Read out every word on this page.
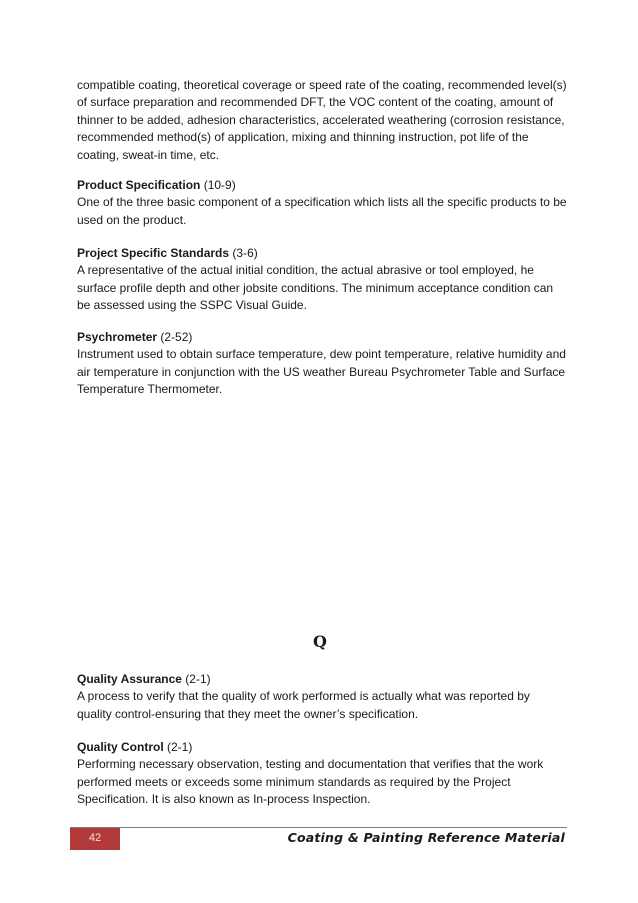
compatible coating, theoretical coverage or speed rate of the coating, recommended level(s) of surface preparation and recommended DFT, the VOC content of the coating, amount of thinner to be added, adhesion characteristics, accelerated weathering (corrosion resistance, recommended method(s) of application, mixing and thinning instruction, pot life of the coating, sweat-in time, etc.

Product Specification (10-9)
One of the three basic component of a specification which lists all the specific products to be used on the product.
Project Specific Standards (3-6)
A representative of the actual initial condition, the actual abrasive or tool employed, he surface profile depth and other jobsite conditions. The minimum acceptance condition can be assessed using the SSPC Visual Guide.
Psychrometer (2-52)
Instrument used to obtain surface temperature, dew point temperature, relative humidity and air temperature in conjunction with the US weather Bureau Psychrometer Table and Surface Temperature Thermometer.
Q
Quality Assurance (2-1)
A process to verify that the quality of work performed is actually what was reported by quality control-ensuring that they meet the owner’s specification.
Quality Control (2-1)
Performing necessary observation, testing and documentation that verifies that the work performed meets or exceeds some minimum standards as required by the Project Specification. It is also known as In-process Inspection.
42	Coating & Painting Reference Material
